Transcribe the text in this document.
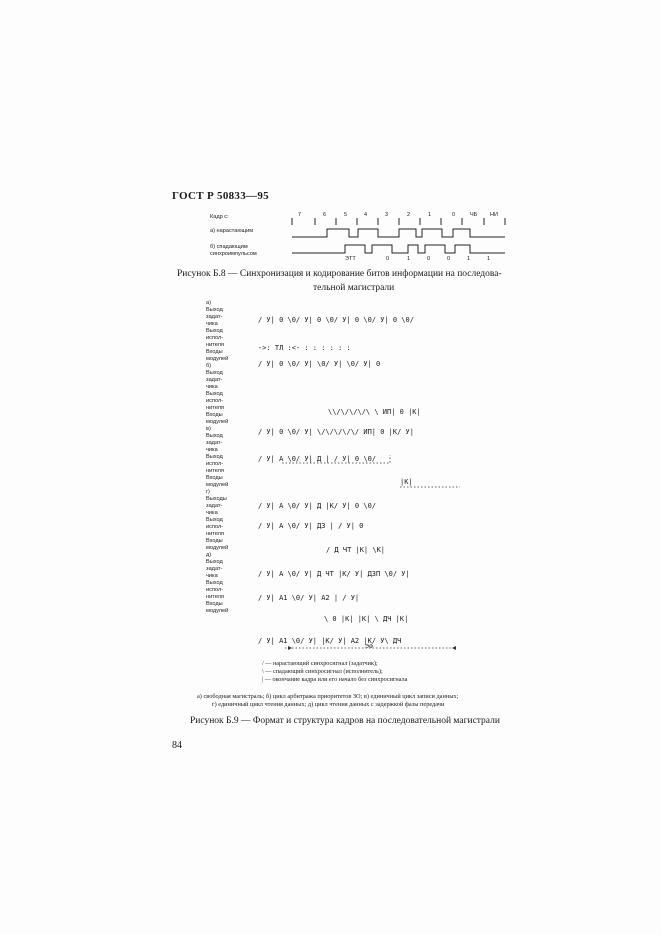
ГОСТ Р 50833—95
Кадр с:
а) нарастающим
б) спадающим
синхроимпульсом
7	6	5	4	3	2	1	0	ЧБ НИ
ЭТТ	0	1	0	0	1	1
Рисунок Б.8 — Синхронизация и кодирование битов информации на последова-
тельной магистрали
а)
Выход
задат-
чика
Выход
испол-
нителя
Входы
модулей
б)
Выход
задат-
чика
Выход
испол-
нителя
Входы
модулей
в)
Выход
задат-
чика
Выход
испол-
нителя
Входы
модулей
г)
Выходы
задат-
чика
Выход
испол-
нителя
Входы
модулей
д)
Выход
задат-
чика
Выход
испол-
нителя
Входы
модулей
/ У| 0 \0/ У| 0 \0/ У| 0 \0/ У| 0 \0/
->: ТЛ :<- : : : : : :
/ У| 0 \0/ У| \0/ У| \0/ У| 0
\\/\/\/\/\ \ ИП| 0 |К|
/ У| 0 \0/ У| \/\/\/\/\/ ИП| 0 |К/ У|
/ У| А \0/ У| Д | / У| 0 \0/
|К|
/ У| А \0/ У| Д |К/ У| 0 \0/
/ У| А \0/ У| ДЗ | / У| 0
/ Д ЧТ |К| \К|
/ У| А \0/ У| Д ЧТ |К/ У| ДЗП \0/ У|
/ У| А1 \0/ У| А2 | / У|
\ 0 |К| |К| \ ДЧ |К|
/ У| А1 \0/ У| |К/ У| А2 |К/ У\ ДЧ
ЭФ
/ — нарастающий синхросигнал (задатчик);
\ — спадающий синхросигнал (исполнитель);
| — окончание кадра или его начало без синхросигнала
а) свободная магистраль; б) цикл арбитража приоритетов ЗО; в) единичный цикл записи данных;
г) единичный цикл чтения данных; д) цикл чтения данных с задержкой фазы передачи
Рисунок Б.9 — Формат и структура кадров на последовательной магистрали
84
